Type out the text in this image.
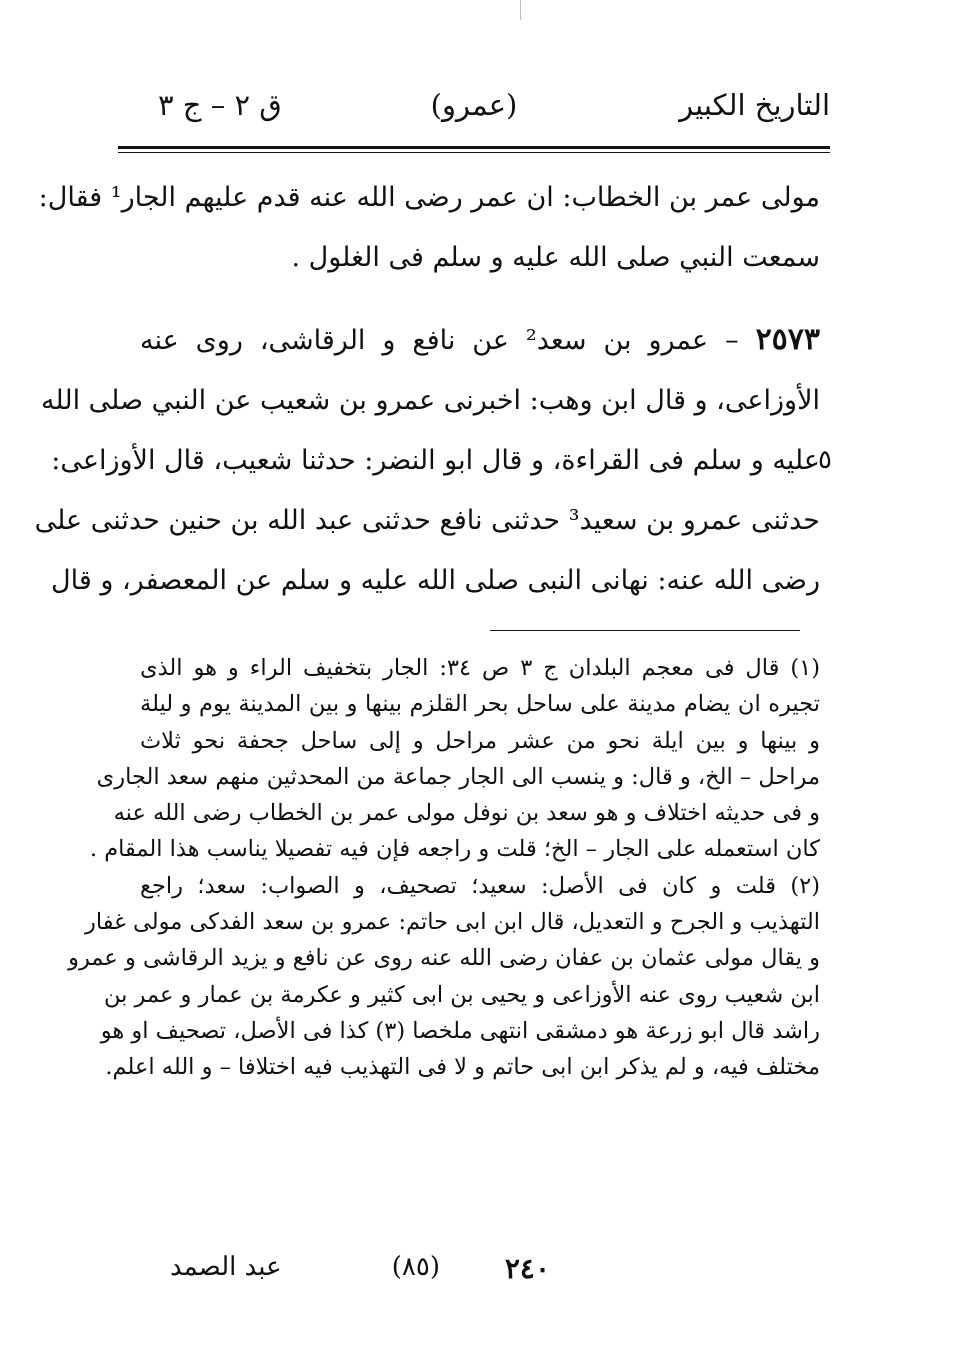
التاريخ الكبير
(عمرو)
ق ٢ – ج ٣
مولى عمر بن الخطاب: ان عمر رضى الله عنه قدم عليهم الجار¹ فقال:
سمعت النبي صلى الله عليه و سلم فى الغلول .
٢٥٧٣ – عمرو بن سعد² عن نافع و الرقاشى، روى عنه
الأوزاعى، و قال ابن وهب: اخبرنى عمرو بن شعيب عن النبي صلى الله
عليه و سلم فى القراءة، و قال ابو النضر: حدثنا شعيب، قال الأوزاعى:
حدثنى عمرو بن سعيد³ حدثنى نافع حدثنى عبد الله بن حنين حدثنى على
رضى الله عنه: نهانى النبى صلى الله عليه و سلم عن المعصفر، و قال
٥
(١) قال فى معجم البلدان ج ٣ ص ٣٤: الجار بتخفيف الراء و هو الذى
تجيره ان يضام مدينة على ساحل بحر القلزم بينها و بين المدينة يوم و ليلة
و بينها و بين ايلة نحو من عشر مراحل و إلى ساحل جحفة نحو ثلاث
مراحل – الخ، و قال: و ينسب الى الجار جماعة من المحدثين منهم سعد الجارى
و فى حديثه اختلاف و هو سعد بن نوفل مولى عمر بن الخطاب رضى الله عنه
كان استعمله على الجار – الخ؛ قلت و راجعه فإن فيه تفصيلا يناسب هذا المقام .
(٢) قلت و كان فى الأصل: سعيد؛ تصحيف، و الصواب: سعد؛ راجع
التهذيب و الجرح و التعديل، قال ابن ابى حاتم: عمرو بن سعد الفدكى مولى غفار
و يقال مولى عثمان بن عفان رضى الله عنه روى عن نافع و يزيد الرقاشى و عمرو
ابن شعيب روى عنه الأوزاعى و يحيى بن ابى كثير و عكرمة بن عمار و عمر بن
راشد قال ابو زرعة هو دمشقى انتهى ملخصا (٣) كذا فى الأصل، تصحيف او هو
مختلف فيه، و لم يذكر ابن ابى حاتم و لا فى التهذيب فيه اختلافا – و الله اعلم.
٢٤٠
(٨٥)
عبد الصمد
